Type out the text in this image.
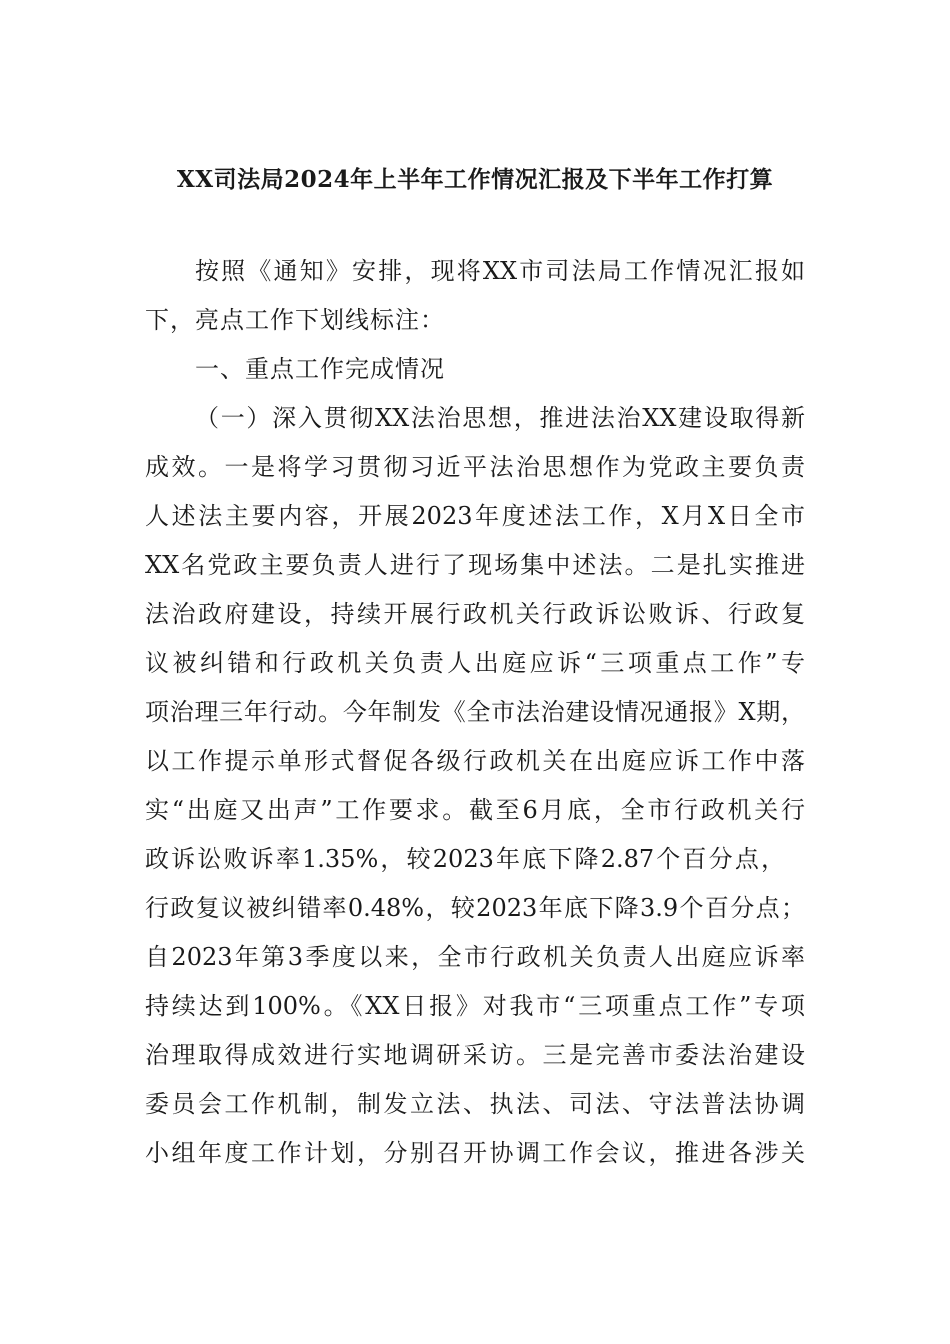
XX司法局2024年上半年工作情况汇报及下半年工作打算
按照《通知》安排，现将XX市司法局工作情况汇报如
下，亮点工作下划线标注：
一、重点工作完成情况
（一）深入贯彻XX法治思想，推进法治XX建设取得新
成效。一是将学习贯彻习近平法治思想作为党政主要负责
人述法主要内容，开展2023年度述法工作，X月X日全市
XX名党政主要负责人进行了现场集中述法。二是扎实推进
法治政府建设，持续开展行政机关行政诉讼败诉、行政复
议被纠错和行政机关负责人出庭应诉“三项重点工作”专
项治理三年行动。今年制发《全市法治建设情况通报》X期，
以工作提示单形式督促各级行政机关在出庭应诉工作中落
实“出庭又出声”工作要求。截至6月底，全市行政机关行
政诉讼败诉率1.35%，较2023年底下降2.87个百分点，
行政复议被纠错率0.48%，较2023年底下降3.9个百分点；
自2023年第3季度以来，全市行政机关负责人出庭应诉率
持续达到100%。《XX日报》对我市“三项重点工作”专项
治理取得成效进行实地调研采访。三是完善市委法治建设
委员会工作机制，制发立法、执法、司法、守法普法协调
小组年度工作计划，分别召开协调工作会议，推进各涉关
